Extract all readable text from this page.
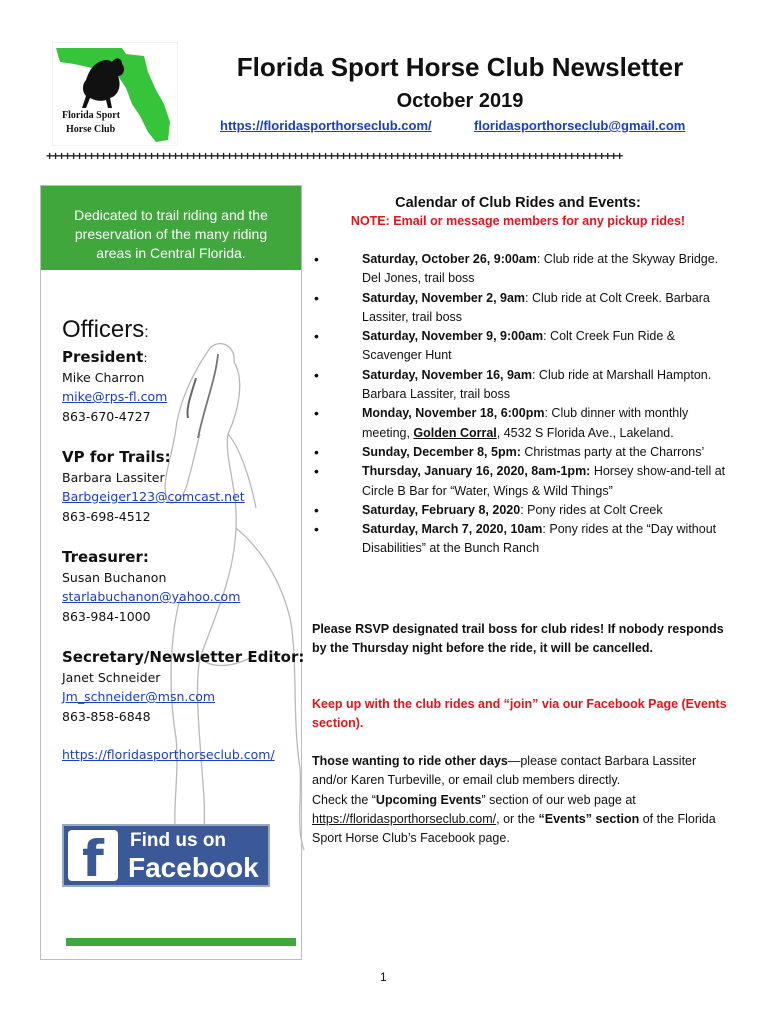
Florida Sport
Horse Club
Florida Sport Horse Club Newsletter
October 2019
https://floridasporthorseclub.com/	floridasporthorseclub@gmail.com
++++++++++++++++++++++++++++++++++++++++++++++++++++++++++++++++++++++++++++++++++++++++++++++++
Dedicated to trail riding and the preservation of the many riding areas in Central Florida.
Officers:
President:
Mike Charron
mike@rps-fl.com
863-670-4727
VP for Trails:
Barbara Lassiter
Barbgeiger123@comcast.net
863-698-4512
Treasurer:
Susan Buchanon
starlabuchanon@yahoo.com
863-984-1000
Secretary/Newsletter Editor:
Janet Schneider
Jm_schneider@msn.com
863-858-6848
https://floridasporthorseclub.com/
f	Find us on
Facebook
Calendar of Club Rides and Events:
NOTE: Email or message members for any pickup rides!
• Saturday, October 26, 9:00am: Club ride at the Skyway Bridge. Del Jones, trail boss
• Saturday, November 2, 9am: Club ride at Colt Creek. Barbara Lassiter, trail boss
• Saturday, November 9, 9:00am: Colt Creek Fun Ride & Scavenger Hunt
• Saturday, November 16, 9am: Club ride at Marshall Hampton. Barbara Lassiter, trail boss
• Monday, November 18, 6:00pm: Club dinner with monthly meeting, Golden Corral, 4532 S Florida Ave., Lakeland.
• Sunday, December 8, 5pm: Christmas party at the Charrons’
• Thursday, January 16, 2020, 8am-1pm: Horsey show-and-tell at Circle B Bar for “Water, Wings & Wild Things”
• Saturday, February 8, 2020: Pony rides at Colt Creek
• Saturday, March 7, 2020, 10am: Pony rides at the “Day without Disabilities” at the Bunch Ranch
Please RSVP designated trail boss for club rides! If nobody responds by the Thursday night before the ride, it will be cancelled.
Keep up with the club rides and “join” via our Facebook Page (Events section).
Those wanting to ride other days—please contact Barbara Lassiter and/or Karen Turbeville, or email club members directly.
Check the “Upcoming Events” section of our web page at https://floridasporthorseclub.com/, or the “Events” section of the Florida Sport Horse Club’s Facebook page.
1
